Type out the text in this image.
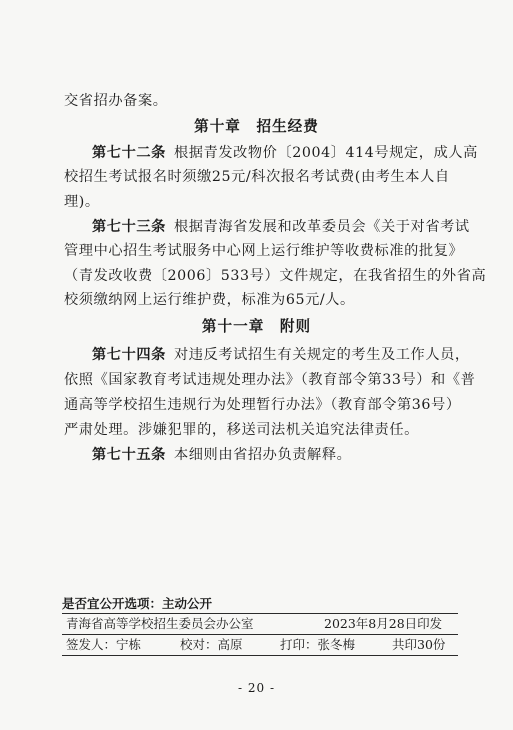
交省招办备案。
第十章　招生经费
第七十二条 根据青发改物价〔2004〕414号规定，成人高
校招生考试报名时须缴25元/科次报名考试费(由考生本人自
理)。
第七十三条 根据青海省发展和改革委员会《关于对省考试
管理中心招生考试服务中心网上运行维护等收费标准的批复》
（青发改收费〔2006〕533号）文件规定，在我省招生的外省高
校须缴纳网上运行维护费，标准为65元/人。
第十一章　附则
第七十四条 对违反考试招生有关规定的考生及工作人员，
依照《国家教育考试违规处理办法》（教育部令第33号）和《普
通高等学校招生违规行为处理暂行办法》（教育部令第36号）
严肃处理。涉嫌犯罪的，移送司法机关追究法律责任。
第七十五条 本细则由省招办负责解释。
是否宜公开选项：主动公开
青海省高等学校招生委员会办公室	2023年8月28日印发
签发人：宁栋	校对：高原	打印：张冬梅	共印30份
- 20 -
